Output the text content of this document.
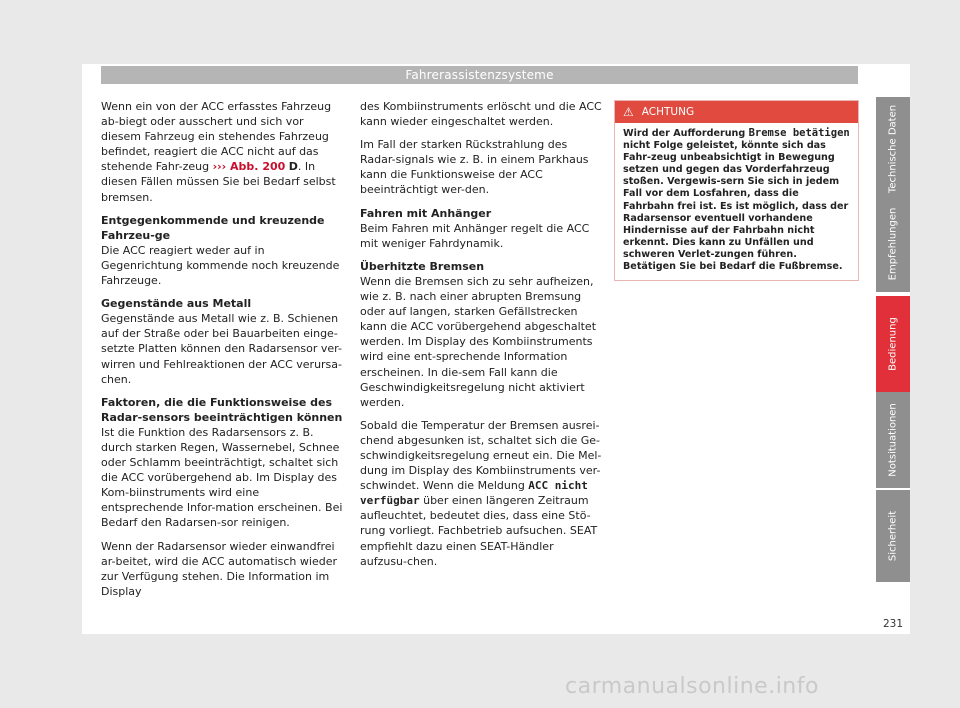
Fahrerassistenzsysteme

Wenn ein von der ACC erfasstes Fahrzeug ab-biegt oder ausschert und sich vor diesem Fahrzeug ein stehendes Fahrzeug befindet, reagiert die ACC nicht auf das stehende Fahr-zeug ››› Abb. 200 D. In diesen Fällen müssen Sie bei Bedarf selbst bremsen.

Entgegenkommende und kreuzende Fahrzeu-ge

Die ACC reagiert weder auf in Gegenrichtung kommende noch kreuzende Fahrzeuge.

Gegenstände aus Metall

Gegenstände aus Metall wie z. B. Schienen auf der Straße oder bei Bauarbeiten einge-setzte Platten können den Radarsensor ver-wirren und Fehlreaktionen der ACC verursa-chen.

Faktoren, die die Funktionsweise des Radar-sensors beeinträchtigen können

Ist die Funktion des Radarsensors z. B. durch starken Regen, Wassernebel, Schnee oder Schlamm beeinträchtigt, schaltet sich die ACC vorübergehend ab. Im Display des Kom-biinstruments wird eine entsprechende Infor-mation erscheinen. Bei Bedarf den Radarsen-sor reinigen.

Wenn der Radarsensor wieder einwandfrei ar-beitet, wird die ACC automatisch wieder zur Verfügung stehen. Die Information im Display

des Kombiinstruments erlöscht und die ACC kann wieder eingeschaltet werden.

Im Fall der starken Rückstrahlung des Radar-signals wie z. B. in einem Parkhaus kann die Funktionsweise der ACC beeinträchtigt wer-den.

Fahren mit Anhänger

Beim Fahren mit Anhänger regelt die ACC mit weniger Fahrdynamik.

Überhitzte Bremsen

Wenn die Bremsen sich zu sehr aufheizen, wie z. B. nach einer abrupten Bremsung oder auf langen, starken Gefällstrecken kann die ACC vorübergehend abgeschaltet werden. Im Display des Kombiinstruments wird eine ent-sprechende Information erscheinen. In die-sem Fall kann die Geschwindigkeitsregelung nicht aktiviert werden.

Sobald die Temperatur der Bremsen ausrei-chend abgesunken ist, schaltet sich die Ge-schwindigkeitsregelung erneut ein. Die Mel-dung im Display des Kombiinstruments ver-schwindet. Wenn die Meldung ACC nicht verfügbar über einen längeren Zeitraum aufleuchtet, bedeutet dies, dass eine Stö-rung vorliegt. Fachbetrieb aufsuchen. SEAT empfiehlt dazu einen SEAT-Händler aufzusu-chen.

⚠ ACHTUNG
Wird der Aufforderung Bremse betätigen nicht Folge geleistet, könnte sich das Fahr-zeug unbeabsichtigt in Bewegung setzen und gegen das Vorderfahrzeug stoßen. Vergewis-sern Sie sich in jedem Fall vor dem Losfahren, dass die Fahrbahn frei ist. Es ist möglich, dass der Radarsensor eventuell vorhandene Hindernisse auf der Fahrbahn nicht erkennt. Dies kann zu Unfällen und schweren Verlet-zungen führen. Betätigen Sie bei Bedarf die Fußbremse.
Technische Daten
Empfehlungen
Bedienung
Notsituationen
Sicherheit
231
carmanualsonline.info
